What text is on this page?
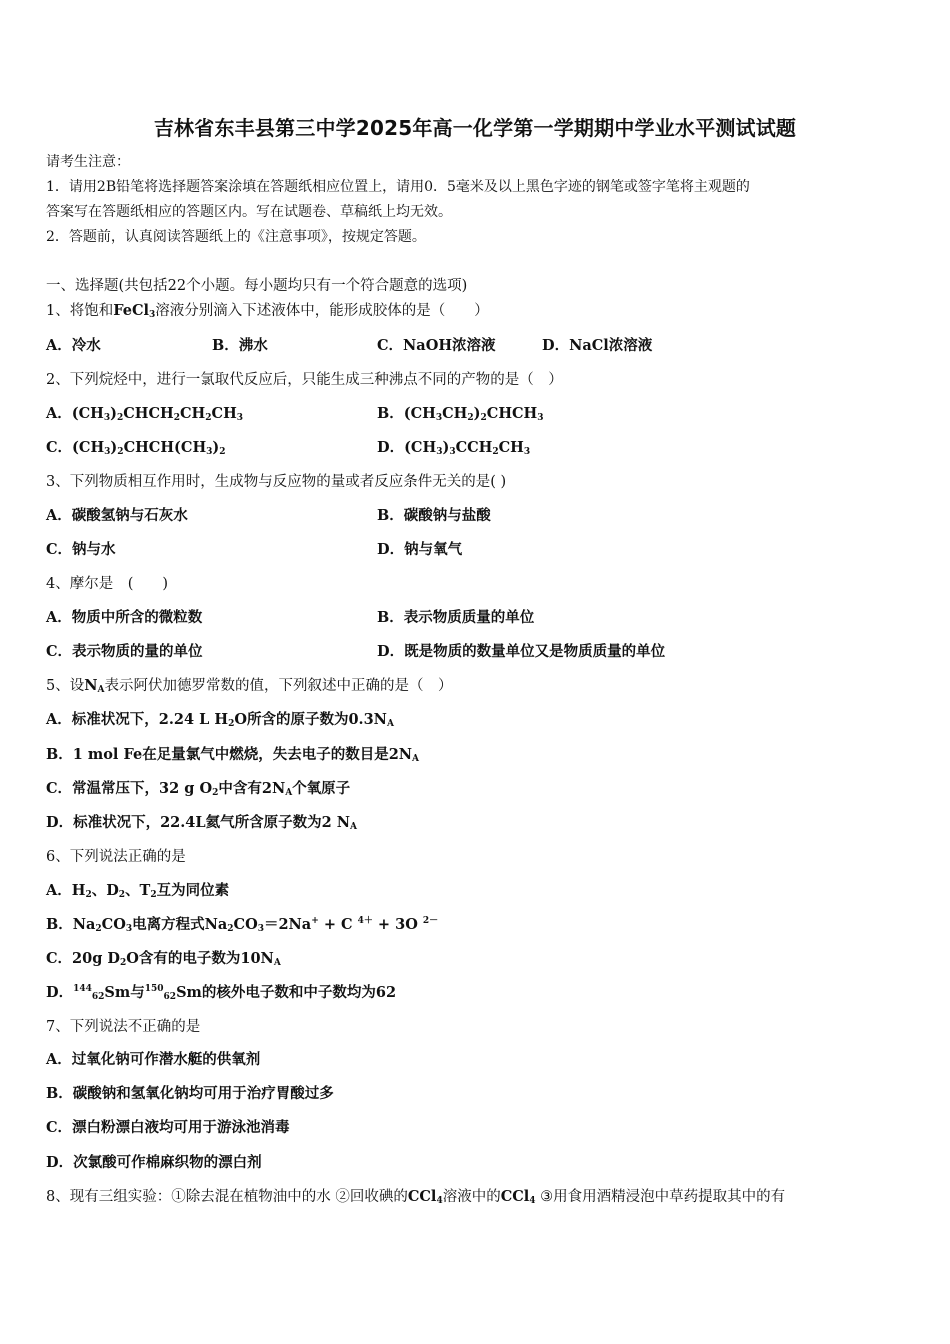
吉林省东丰县第三中学2025年高一化学第一学期期中学业水平测试试题
请考生注意：
1．请用2B铅笔将选择题答案涂填在答题纸相应位置上，请用0．5毫米及以上黑色字迹的钢笔或签字笔将主观题的
答案写在答题纸相应的答题区内。写在试题卷、草稿纸上均无效。
2．答题前，认真阅读答题纸上的《注意事项》，按规定答题。
一、选择题(共包括22个小题。每小题均只有一个符合题意的选项)
1、将饱和FeCl$_3$溶液分别滴入下述液体中，能形成胶体的是（　　）
A．冷水	B．沸水	C．NaOH浓溶液	D．NaCl浓溶液
2、下列烷烃中，进行一氯取代反应后，只能生成三种沸点不同的产物的是（　）
A．$(CH_3)_2CHCH_2CH_2CH_3$	B．$(CH_3CH_2)_2CHCH_3$
C．$(CH_3)_2CHCH(CH_3)_2$	D．$(CH_3)_3CCH_2CH_3$
3、下列物质相互作用时，生成物与反应物的量或者反应条件无关的是( )
A．碳酸氢钠与石灰水	B．碳酸钠与盐酸
C．钠与水	D．钠与氧气
4、摩尔是　(　　)
A．物质中所含的微粒数	B．表示物质质量的单位
C．表示物质的量的单位	D．既是物质的数量单位又是物质质量的单位
5、设$N_A$表示阿伏加德罗常数的值，下列叙述中正确的是（　）
A．标准状况下，2.24 L $H_2O$所含的原子数为$0.3N_A$
B．1 mol Fe在足量氯气中燃烧，失去电子的数目是$2N_A$
C．常温常压下，32 g $O_2$中含有$2N_A$个氧原子
D．标准状况下，22.4L氦气所含原子数为2 $N_A$
6、下列说法正确的是
A．$H_2$、$D_2$、$T_2$互为同位素
B．$Na_2CO_3$电离方程式$Na_2CO_3=2Na^+ + C$ $^{4+}$ + 3O $^{2-}$
C．20g $D_2O$含有的电子数为$10N_A$
D．$^{144}_{62}$Sm与$^{150}_{62}$Sm的核外电子数和中子数均为62
7、下列说法不正确的是
A．过氧化钠可作潜水艇的供氧剂
B．碳酸钠和氢氧化钠均可用于治疗胃酸过多
C．漂白粉漂白液均可用于游泳池消毒
D．次氯酸可作棉麻织物的漂白剂
8、现有三组实验：①除去混在植物油中的水 ②回收碘的CCl$_4$溶液中的CCl$_4$ ③用食用酒精浸泡中草药提取其中的有
